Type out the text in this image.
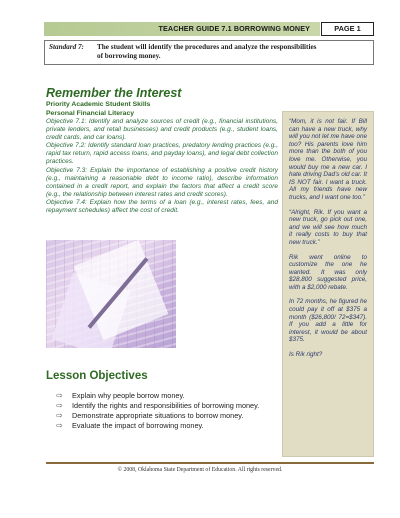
TEACHER GUIDE 7.1 BORROWING MONEY	PAGE 1
Standard 7: The student will identify the procedures and analyze the responsibilities
of borrowing money.
Remember the Interest
Priority Academic Student Skills
Personal Financial Literacy

Objective 7.1: Identify and analyze sources of credit (e.g., financial institutions, private lenders, and retail businesses) and credit products (e.g., student loans, credit cards, and car loans).

Objective 7.2: Identify standard loan practices, predatory lending practices (e.g., rapid tax return, rapid access loans, and payday loans), and legal debt collection practices.

Objective 7.3: Explain the importance of establishing a positive credit history (e.g., maintaining a reasonable debt to income ratio), describe information contained in a credit report, and explain the factors that affect a credit score (e.g., the relationship between interest rates and credit scores).

Objective 7.4: Explain how the terms of a loan (e.g., interest rates, fees, and repayment schedules) affect the cost of credit.

Lesson Objectives
⇨ Explain why people borrow money.
⇨ Identify the rights and responsibilities of borrowing money.
⇨ Demonstrate appropriate situations to borrow money.
⇨ Evaluate the impact of borrowing money.

“Mom, it is not fair. If Bill can have a new truck, why will you not let me have one too? His parents love him more than the both of you love me. Otherwise, you would buy me a new car. I hate driving Dad’s old car. It IS NOT fair. I want a truck. All my friends have new trucks, and I want one too.”

“Alright, Rik. If you want a new truck, go pick out one, and we will see how much it really costs to buy that new truck.”

Rik went online to customize the one he wanted. It was only $28,800 suggested price, with a $2,000 rebate.

In 72 months, he figured he could pay it off at $375 a month ($26,800/ 72=$347). If you add a little for interest, it would be about $375.

Is Rik right?

© 2008, Oklahoma State Department of Education. All rights reserved.
